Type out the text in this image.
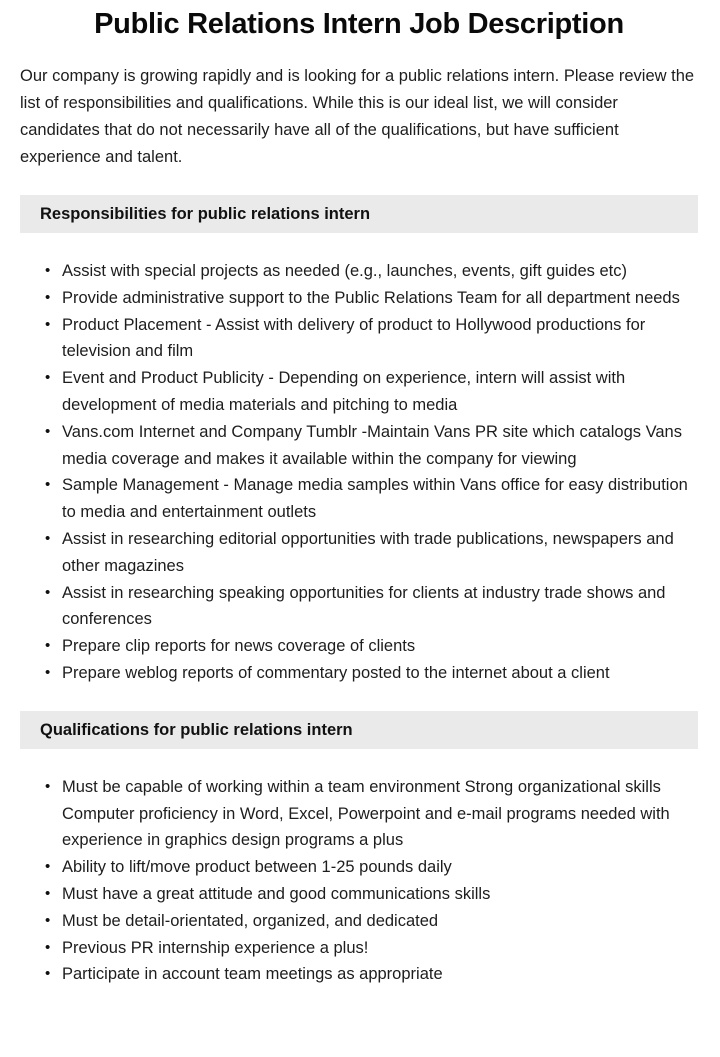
Public Relations Intern Job Description

Our company is growing rapidly and is looking for a public relations intern. Please review the list of responsibilities and qualifications. While this is our ideal list, we will consider candidates that do not necessarily have all of the qualifications, but have sufficient experience and talent.

Responsibilities for public relations intern
• Assist with special projects as needed (e.g., launches, events, gift guides etc)
• Provide administrative support to the Public Relations Team for all department needs
• Product Placement - Assist with delivery of product to Hollywood productions for television and film
• Event and Product Publicity - Depending on experience, intern will assist with development of media materials and pitching to media
• Vans.com Internet and Company Tumblr -Maintain Vans PR site which catalogs Vans media coverage and makes it available within the company for viewing
• Sample Management - Manage media samples within Vans office for easy distribution to media and entertainment outlets
• Assist in researching editorial opportunities with trade publications, newspapers and other magazines
• Assist in researching speaking opportunities for clients at industry trade shows and conferences
• Prepare clip reports for news coverage of clients
• Prepare weblog reports of commentary posted to the internet about a client
Qualifications for public relations intern
• Must be capable of working within a team environment Strong organizational skills Computer proficiency in Word, Excel, Powerpoint and e-mail programs needed with experience in graphics design programs a plus
• Ability to lift/move product between 1-25 pounds daily
• Must have a great attitude and good communications skills
• Must be detail-orientated, organized, and dedicated
• Previous PR internship experience a plus!
• Participate in account team meetings as appropriate
